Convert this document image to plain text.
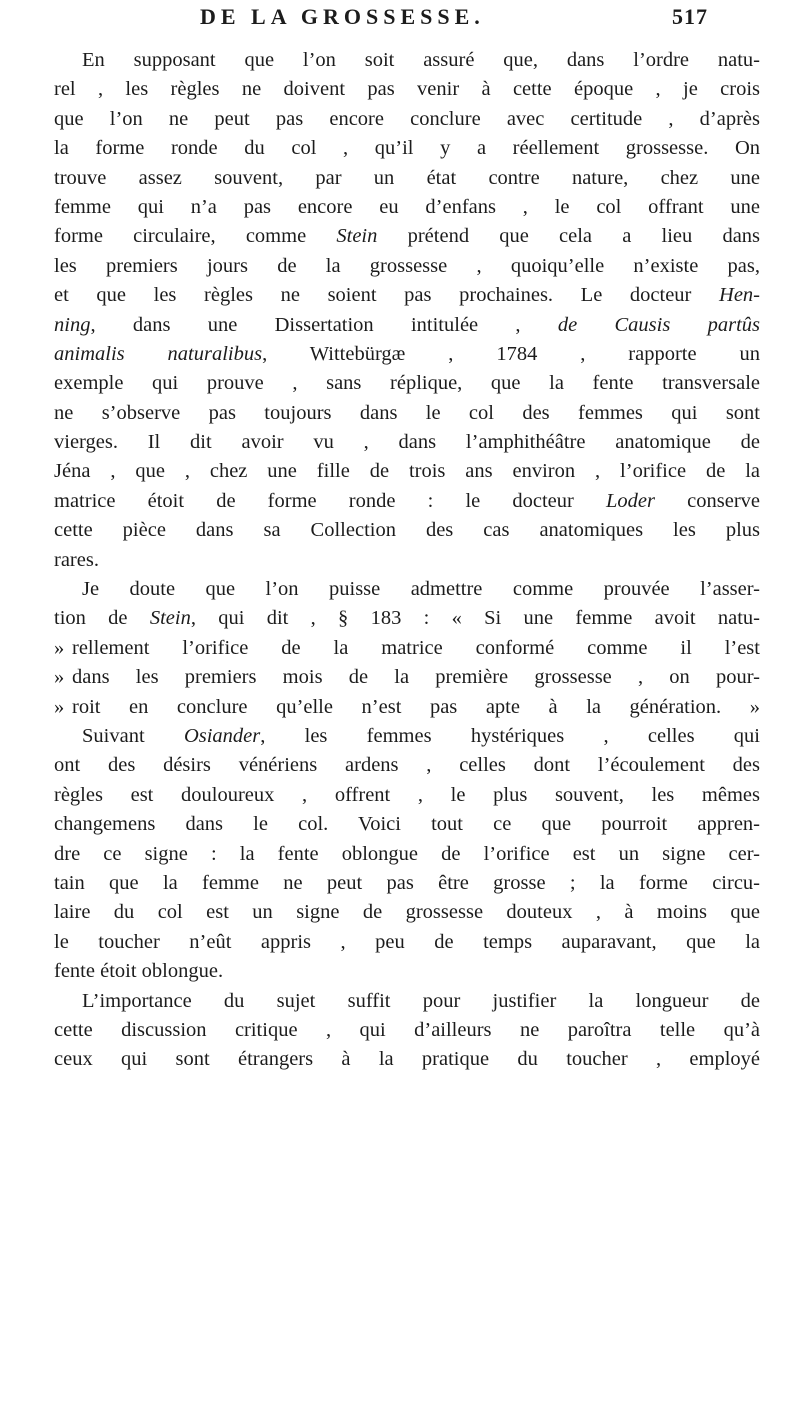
DE LA GROSSESSE.	517
En supposant que l’on soit assuré que, dans l’ordre natu-
rel , les règles ne doivent pas venir à cette époque , je crois
que l’on ne peut pas encore conclure avec certitude , d’après
la forme ronde du col , qu’il y a réellement grossesse. On
trouve assez souvent, par un état contre nature, chez une
femme qui n’a pas encore eu d’enfans , le col offrant une
forme circulaire, comme Stein prétend que cela a lieu dans
les premiers jours de la grossesse , quoiqu’elle n’existe pas,
et que les règles ne soient pas prochaines. Le docteur Hen-
ning, dans une Dissertation intitulée , de Causis partûs
animalis naturalibus, Wittebürgæ , 1784 , rapporte un
exemple qui prouve , sans réplique, que la fente transversale
ne s’observe pas toujours dans le col des femmes qui sont
vierges. Il dit avoir vu , dans l’amphithéâtre anatomique de
Jéna , que , chez une fille de trois ans environ , l’orifice de la
matrice étoit de forme ronde : le docteur Loder conserve
cette pièce dans sa Collection des cas anatomiques les plus
rares.
Je doute que l’on puisse admettre comme prouvée l’asser-
tion de Stein, qui dit , § 183 : « Si une femme avoit natu-
» rellement l’orifice de la matrice conformé comme il l’est
» dans les premiers mois de la première grossesse , on pour-
» roit en conclure qu’elle n’est pas apte à la génération. »
Suivant Osiander, les femmes hystériques , celles qui
ont des désirs vénériens ardens , celles dont l’écoulement des
règles est douloureux , offrent , le plus souvent, les mêmes
changemens dans le col. Voici tout ce que pourroit appren-
dre ce signe : la fente oblongue de l’orifice est un signe cer-
tain que la femme ne peut pas être grosse ; la forme circu-
laire du col est un signe de grossesse douteux , à moins que
le toucher n’eût appris , peu de temps auparavant, que la
fente étoit oblongue.
L’importance du sujet suffit pour justifier la longueur de
cette discussion critique , qui d’ailleurs ne paroîtra telle qu’à
ceux qui sont étrangers à la pratique du toucher , employé
